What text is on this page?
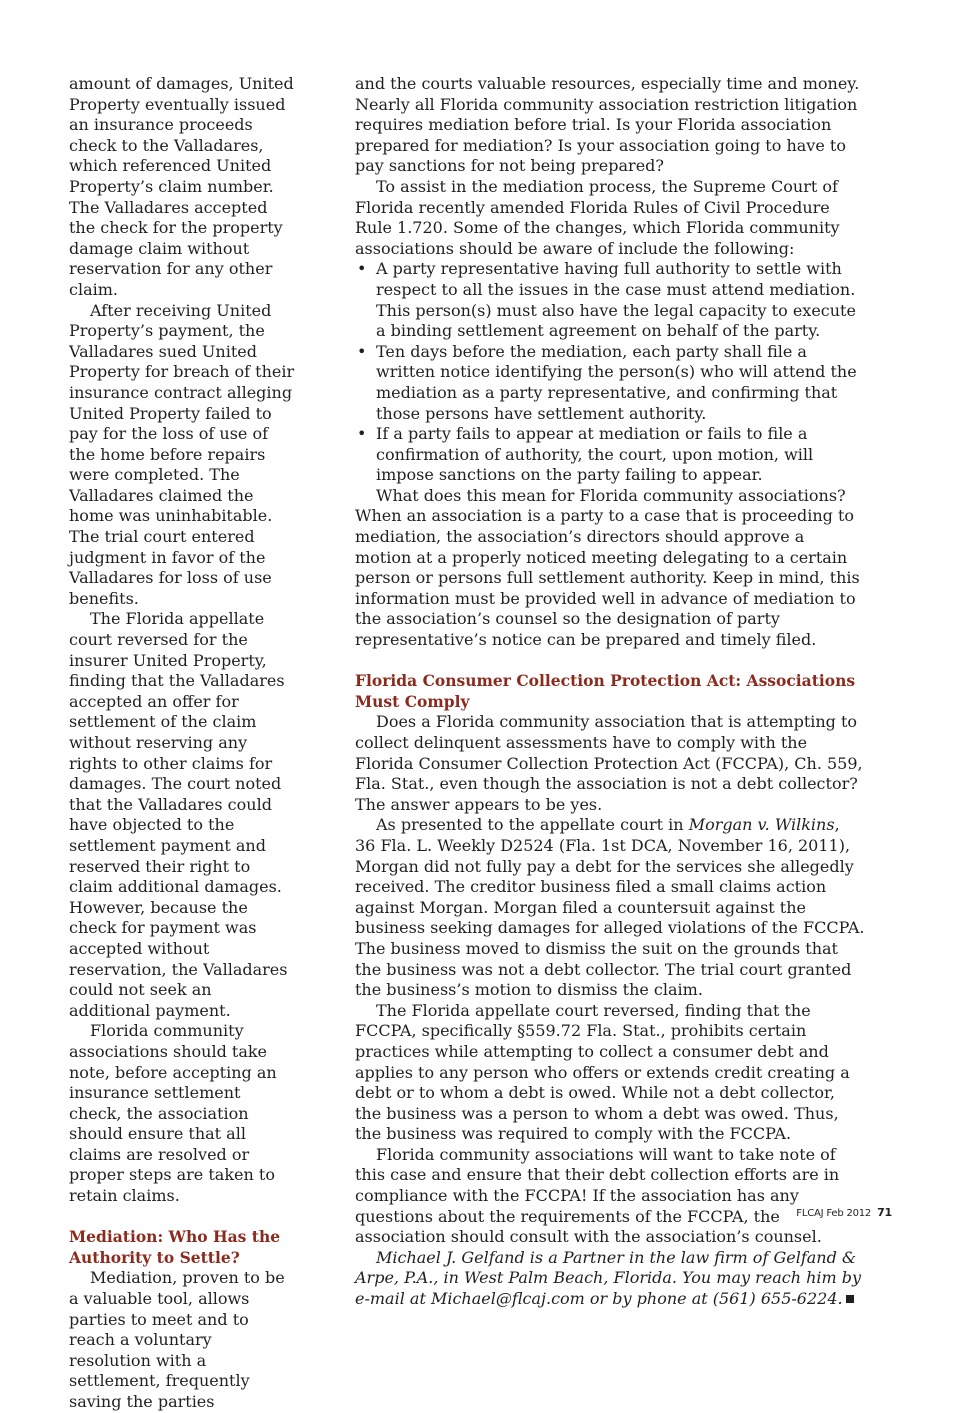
amount of damages, United Property eventually issued an insurance proceeds check to the Valladares, which referenced United Property’s claim number. The Valladares accepted the check for the property damage claim without reservation for any other claim.

After receiving United Property’s payment, the Valladares sued United Property for breach of their insurance contract alleging United Property failed to pay for the loss of use of the home before repairs were completed. The Valladares claimed the home was uninhabitable. The trial court entered judgment in favor of the Valladares for loss of use benefits.

The Florida appellate court reversed for the insurer United Property, finding that the Valladares accepted an offer for settlement of the claim without reserving any rights to other claims for damages. The court noted that the Valladares could have objected to the settlement payment and reserved their right to claim additional damages. However, because the check for payment was accepted without reservation, the Valladares could not seek an additional payment.

Florida community associations should take note, before accepting an insurance settlement check, the association should ensure that all claims are resolved or proper steps are taken to retain claims.

Mediation: Who Has the Authority to Settle?

Mediation, proven to be a valuable tool, allows parties to meet and to reach a voluntary resolution with a settlement, frequently saving the parties

and the courts valuable resources, especially time and money. Nearly all Florida community association restriction litigation requires mediation before trial. Is your Florida association prepared for mediation? Is your association going to have to pay sanctions for not being prepared?

To assist in the mediation process, the Supreme Court of Florida recently amended Florida Rules of Civil Procedure Rule 1.720. Some of the changes, which Florida community associations should be aware of include the following:

• A party representative having full authority to settle with respect to all the issues in the case must attend mediation. This person(s) must also have the legal capacity to execute a binding settlement agreement on behalf of the party.
• Ten days before the mediation, each party shall file a written notice identifying the person(s) who will attend the mediation as a party representative, and confirming that those persons have settlement authority.
• If a party fails to appear at mediation or fails to file a confirmation of authority, the court, upon motion, will impose sanctions on the party failing to appear.

What does this mean for Florida community associations? When an association is a party to a case that is proceeding to mediation, the association’s directors should approve a motion at a properly noticed meeting delegating to a certain person or persons full settlement authority. Keep in mind, this information must be provided well in advance of mediation to the association’s counsel so the designation of party representative’s notice can be prepared and timely filed.

Florida Consumer Collection Protection Act: Associations Must Comply

Does a Florida community association that is attempting to collect delinquent assessments have to comply with the Florida Consumer Collection Protection Act (FCCPA), Ch. 559, Fla. Stat., even though the association is not a debt collector? The answer appears to be yes.

As presented to the appellate court in Morgan v. Wilkins, 36 Fla. L. Weekly D2524 (Fla. 1st DCA, November 16, 2011), Morgan did not fully pay a debt for the services she allegedly received. The creditor business filed a small claims action against Morgan. Morgan filed a countersuit against the business seeking damages for alleged violations of the FCCPA. The business moved to dismiss the suit on the grounds that the business was not a debt collector. The trial court granted the business’s motion to dismiss the claim.

The Florida appellate court reversed, finding that the FCCPA, specifically §559.72 Fla. Stat., prohibits certain practices while attempting to collect a consumer debt and applies to any person who offers or extends credit creating a debt or to whom a debt is owed. While not a debt collector, the business was a person to whom a debt was owed. Thus, the business was required to comply with the FCCPA.

Florida community associations will want to take note of this case and ensure that their debt collection efforts are in compliance with the FCCPA! If the association has any questions about the requirements of the FCCPA, the association should consult with the association’s counsel.

Michael J. Gelfand is a Partner in the law firm of Gelfand & Arpe, P.A., in West Palm Beach, Florida. You may reach him by e-mail at Michael@flcaj.com or by phone at (561) 655-6224.

FLCAJ Feb 2012 71
